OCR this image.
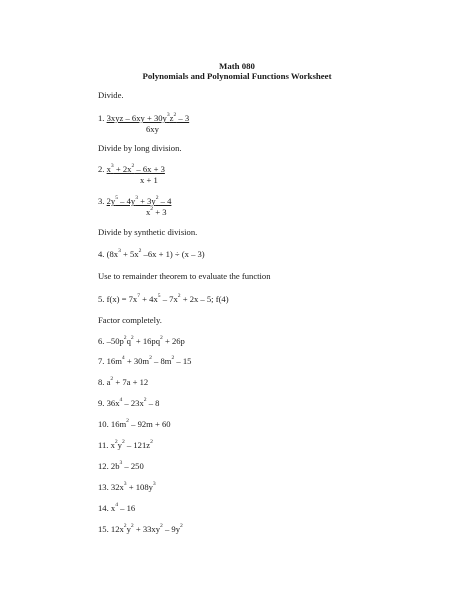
Math 080
Polynomials and Polynomial Functions Worksheet
Divide.
1. $3xyz - 6xy + 30y^3z^2 - 3$
6xy
Divide by long division.
2. $x^3 + 2x^2 - 6x + 3$
x + 1
3. $2y^5 - 4y^3 + 3y^2 - 4$
$x^2 + 3$
Divide by synthetic division.
4. ($8x^3 + 5x^2$ –6x + 1) ÷ (x – 3)
Use to remainder theorem to evaluate the function
5. $f(x) = 7x^7 + 4x^5 - 7x^2 + 2x - 5$; f(4)
Factor completely.
6. $-50p^2q^2 + 16pq^2 + 26p$
7. $16m^4 + 30m^2 - 8m^2 - 15$
8. $a^2 + 7a + 12$
9. $36x^4 - 23x^2 - 8$
10. $16m^2 - 92m + 60$
11. $x^2y^2 - 121z^2$
12. $2b^3 - 250$
13. $32x^3 + 108y^3$
14. $x^4 - 16$
15. $12x^2y^2 + 33xy^2 - 9y^2$
